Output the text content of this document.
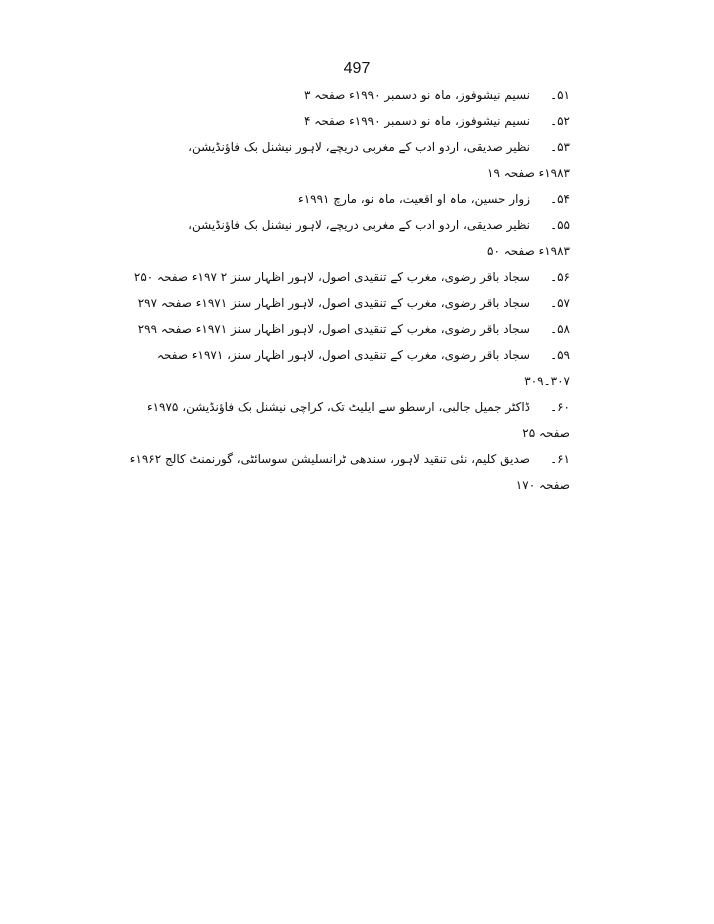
497
۵۱۔نسیم نیشوفوز، ماہ نو دسمبر ۱۹۹۰ء صفحہ ۳
۵۲۔نسیم نیشوفوز، ماہ نو دسمبر ۱۹۹۰ء صفحہ ۴
۵۳۔نظیر صدیقی، اردو ادب کے مغربی دریچے، لاہور نیشنل بک فاؤنڈیشن،
۱۹۸۳ء صفحہ ۱۹
۵۴۔زوار حسین، ماہ او اقعیت، ماہ نو، مارچ ۱۹۹۱ء
۵۵۔نظیر صدیقی، اردو ادب کے مغربی دریچے، لاہور نیشنل بک فاؤنڈیشن،
۱۹۸۳ء صفحہ ۵۰
۵۶۔سجاد باقر رضوی، مغرب کے تنقیدی اصول، لاہور اظہار سنز ۲ ۱۹۷ء صفحہ ۲۵۰
۵۷۔سجاد باقر رضوی، مغرب کے تنقیدی اصول، لاہور اظہار سنز ۱۹۷۱ء صفحہ ۲۹۷
۵۸۔سجاد باقر رضوی، مغرب کے تنقیدی اصول، لاہور اظہار سنز ۱۹۷۱ء صفحہ ۲۹۹
۵۹۔سجاد باقر رضوی، مغرب کے تنقیدی اصول، لاہور اظہار سنز، ۱۹۷۱ء صفحہ
۳۰۷۔۳۰۹
۶۰۔ڈاکٹر جمیل جالبی، ارسطو سے ایلیٹ تک، کراچی نیشنل بک فاؤنڈیشن، ۱۹۷۵ء
صفحہ ۲۵
۶۱۔صدیق کلیم، نئی تنقید لاہور، سندھی ٹرانسلیشن سوسائٹی، گورنمنٹ کالج ۱۹۶۲ء
صفحہ ۱۷۰
